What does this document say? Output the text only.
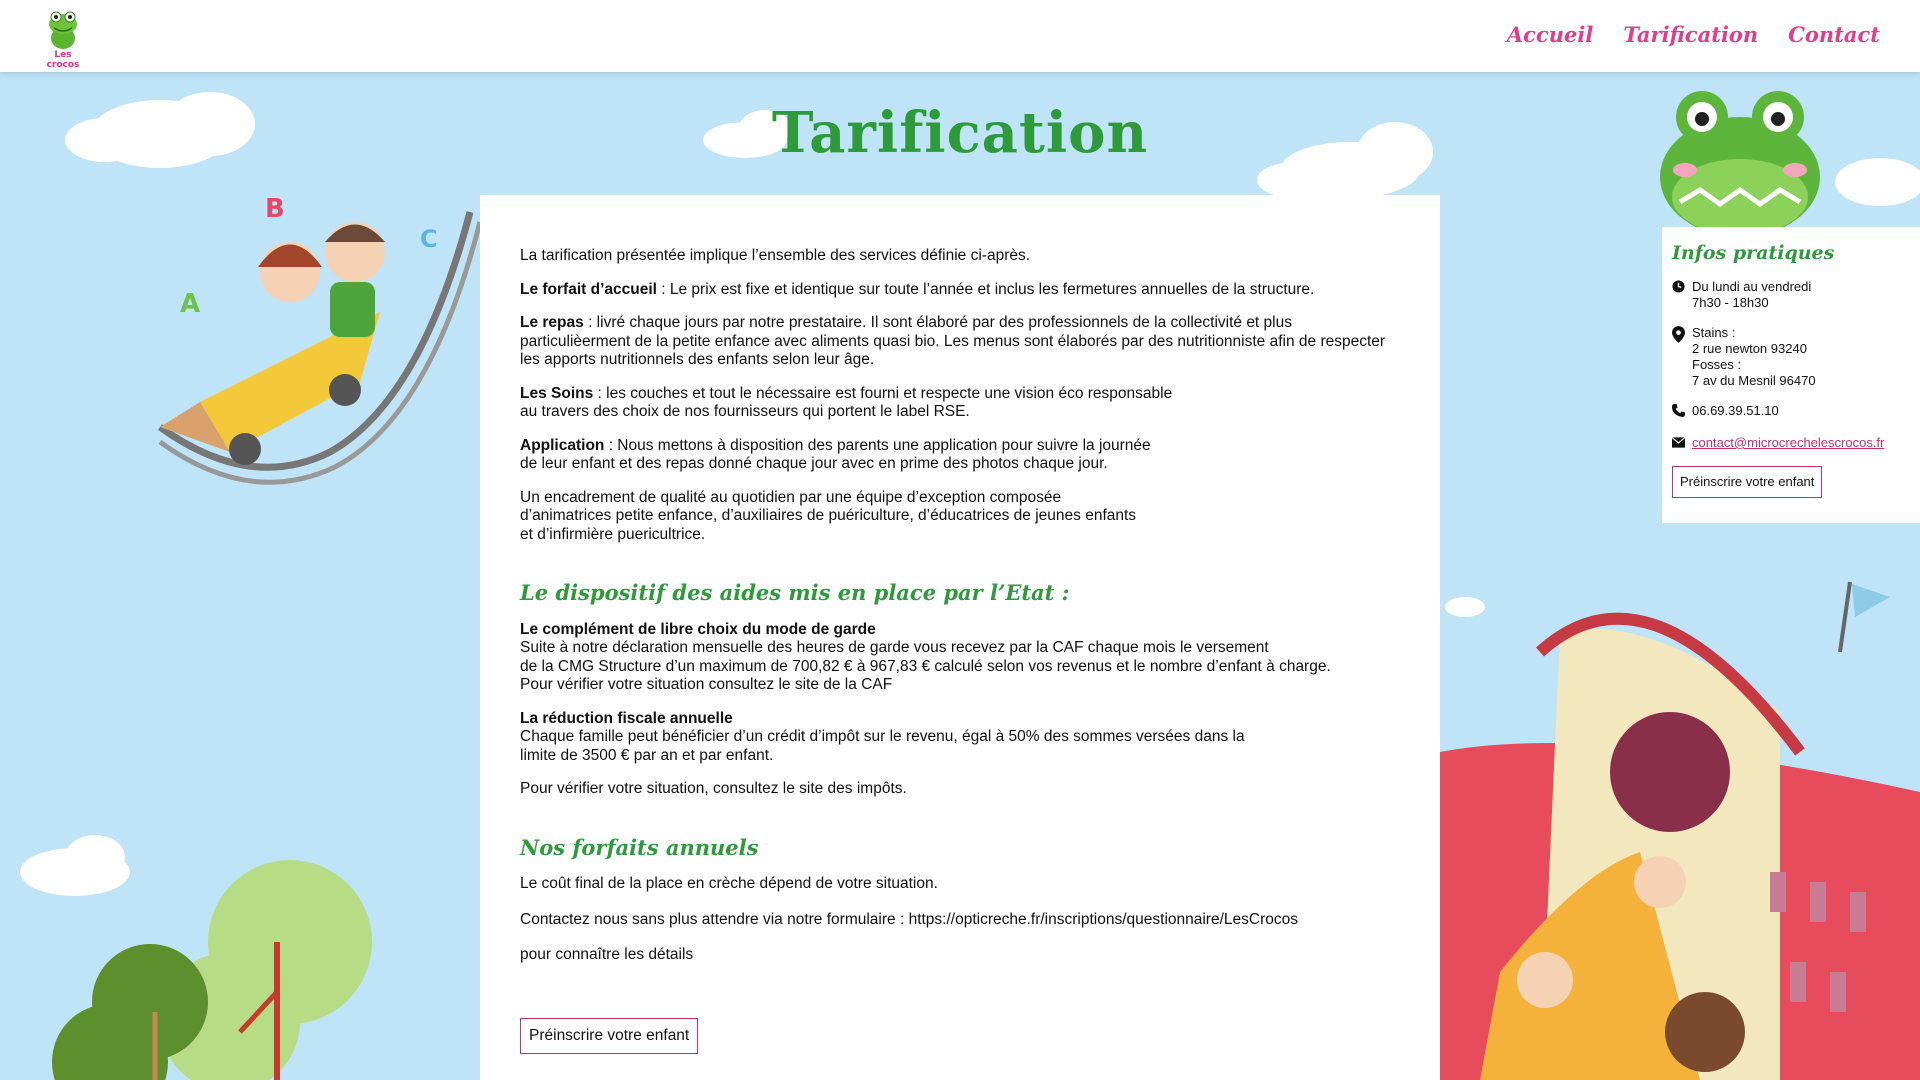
Les crocos
Accueil Tarification Contact
B
C
A
Tarification

La tarification présentée implique l’ensemble des services définie ci-après.

Le forfait d’accueil : Le prix est fixe et identique sur toute l’année et inclus les fermetures annuelles de la structure.

Le repas : livré chaque jours par notre prestataire. Il sont élaboré par des professionnels de la collectivité et plus particulièerment de la petite enfance avec aliments quasi bio. Les menus sont élaborés par des nutritionniste afin de respecter les apports nutritionnels des enfants selon leur âge.

Les Soins : les couches et tout le nécessaire est fourni et respecte une vision éco responsable
au travers des choix de nos fournisseurs qui portent le label RSE.

Application : Nous mettons à disposition des parents une application pour suivre la journée
de leur enfant et des repas donné chaque jour avec en prime des photos chaque jour.

Un encadrement de qualité au quotidien par une équipe d’exception composée
d’animatrices petite enfance, d’auxiliaires de puériculture, d’éducatrices de jeunes enfants
et d’infirmière puericultrice.

Le dispositif des aides mis en place par l’Etat :

Le complément de libre choix du mode de garde
Suite à notre déclaration mensuelle des heures de garde vous recevez par la CAF chaque mois le versement
de la CMG Structure d’un maximum de 700,82 € à 967,83 € calculé selon vos revenus et le nombre d’enfant à charge.
Pour vérifier votre situation consultez le site de la CAF

La réduction fiscale annuelle
Chaque famille peut bénéficier d’un crédit d’impôt sur le revenu, égal à 50% des sommes versées dans la
limite de 3500 € par an et par enfant.

Pour vérifier votre situation, consultez le site des impôts.

Nos forfaits annuels

Le coût final de la place en crèche dépend de votre situation.

Contactez nous sans plus attendre via notre formulaire : https://opticreche.fr/inscriptions/questionnaire/LesCrocos

pour connaître les détails

Préinscrire votre enfant
Infos pratiques
Du lundi au vendredi
7h30 - 18h30
Stains :
2 rue newton 93240
Fosses :
7 av du Mesnil 96470
06.69.39.51.10
contact@microcrechelescrocos.fr
Préinscrire votre enfant
